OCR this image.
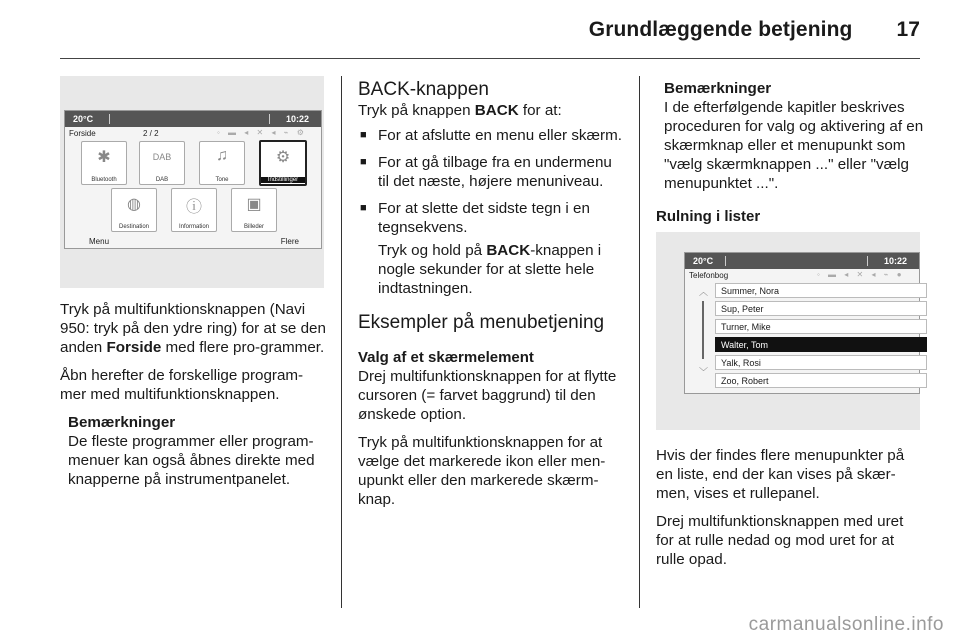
Grundlæggende betjening 17
20°C	10:22
Forside	2 / 2	◦ ▬ ◂ ✕ ◂ ⌁ ⚙
✱
Bluetooth
DAB
DAB
♫
Tone
⚙
Indstillinger
◍
Destination
ⓘ
Information
▣
Billeder
Menu	Flere

Tryk på multifunktionsknappen (Navi 950: tryk på den ydre ring) for at se den anden Forside med flere pro-grammer.

Åbn herefter de forskellige program-mer med multifunktionsknappen.

Bemærkninger
De fleste programmer eller program-menuer kan også åbnes direkte med knapperne på instrumentpanelet.
BACK-knappen

Tryk på knappen BACK for at:

■ For at afslutte en menu eller skærm.
■ For at gå tilbage fra en undermenu til det næste, højere menuniveau.
■ For at slette det sidste tegn i en tegnsekvens.

Tryk og hold på BACK-knappen i nogle sekunder for at slette hele indtastningen.

Eksempler på menubetjening
Valg af et skærmelement

Drej multifunktionsknappen for at flytte cursoren (= farvet baggrund) til den ønskede option.

Tryk på multifunktionsknappen for at vælge det markerede ikon eller men-upunkt eller den markerede skærm-knap.

Bemærkninger
I de efterfølgende kapitler beskrives proceduren for valg og aktivering af en skærmknap eller et menupunkt som "vælg skærmknappen ..." eller "vælg menupunktet ...".
Rulning i lister
20°C	10:22
Telefonbog	◦ ▬ ◂ ✕ ◂ ⌁ ●
︿
﹀
Summer, Nora
Sup, Peter
Turner, Mike
Walter, Tom
Yalk, Rosi
Zoo, Robert

Hvis der findes flere menupunkter på en liste, end der kan vises på skær-men, vises et rullepanel.

Drej multifunktionsknappen med uret for at rulle nedad og mod uret for at rulle opad.

carmanualsonline.info
